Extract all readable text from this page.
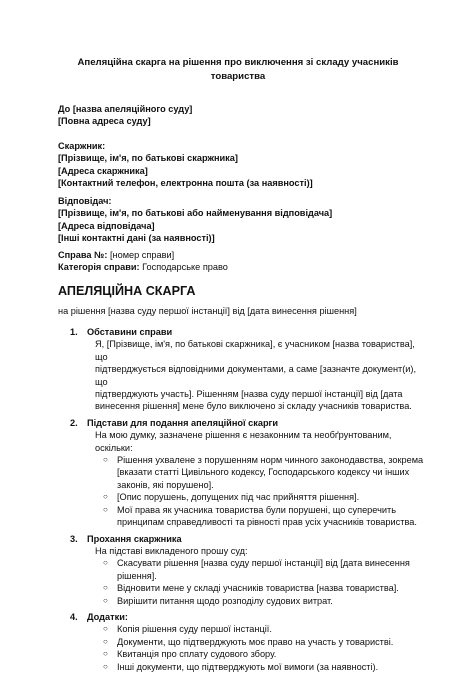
Апеляційна скарга на рішення про виключення зі складу учасників
товариства
До [назва апеляційного суду]
[Повна адреса суду]
Скаржник:
[Прізвище, ім'я, по батькові скаржника]
[Адреса скаржника]
[Контактний телефон, електронна пошта (за наявності)]
Відповідач:
[Прізвище, ім'я, по батькові або найменування відповідача]
[Адреса відповідача]
[Інші контактні дані (за наявності)]
Справа №: [номер справи]
Категорія справи: Господарське право
АПЕЛЯЦІЙНА СКАРГА
на рішення [назва суду першої інстанції] від [дата винесення рішення]
1. Обставини справи
Я, [Прізвище, ім'я, по батькові скаржника], є учасником [назва товариства], що
підтверджується відповідними документами, а саме [зазначте документ(и), що
підтверджують участь]. Рішенням [назва суду першої інстанції] від [дата
винесення рішення] мене було виключено зі складу учасників товариства.
2. Підстави для подання апеляційної скарги
На мою думку, зазначене рішення є незаконним та необґрунтованим, оскільки:
○ Рішення ухвалене з порушенням норм чинного законодавства, зокрема
[вказати статті Цивільного кодексу, Господарського кодексу чи інших
законів, які порушено].
○ [Опис порушень, допущених під час прийняття рішення].
○ Мої права як учасника товариства були порушені, що суперечить
принципам справедливості та рівності прав усіх учасників товариства.
3. Прохання скаржника
На підставі викладеного прошу суд:
○ Скасувати рішення [назва суду першої інстанції] від [дата винесення
рішення].
○ Відновити мене у складі учасників товариства [назва товариства].
○ Вирішити питання щодо розподілу судових витрат.
4. Додатки:
○ Копія рішення суду першої інстанції.
○ Документи, що підтверджують моє право на участь у товаристві.
○ Квитанція про сплату судового збору.
○ Інші документи, що підтверджують мої вимоги (за наявності).
